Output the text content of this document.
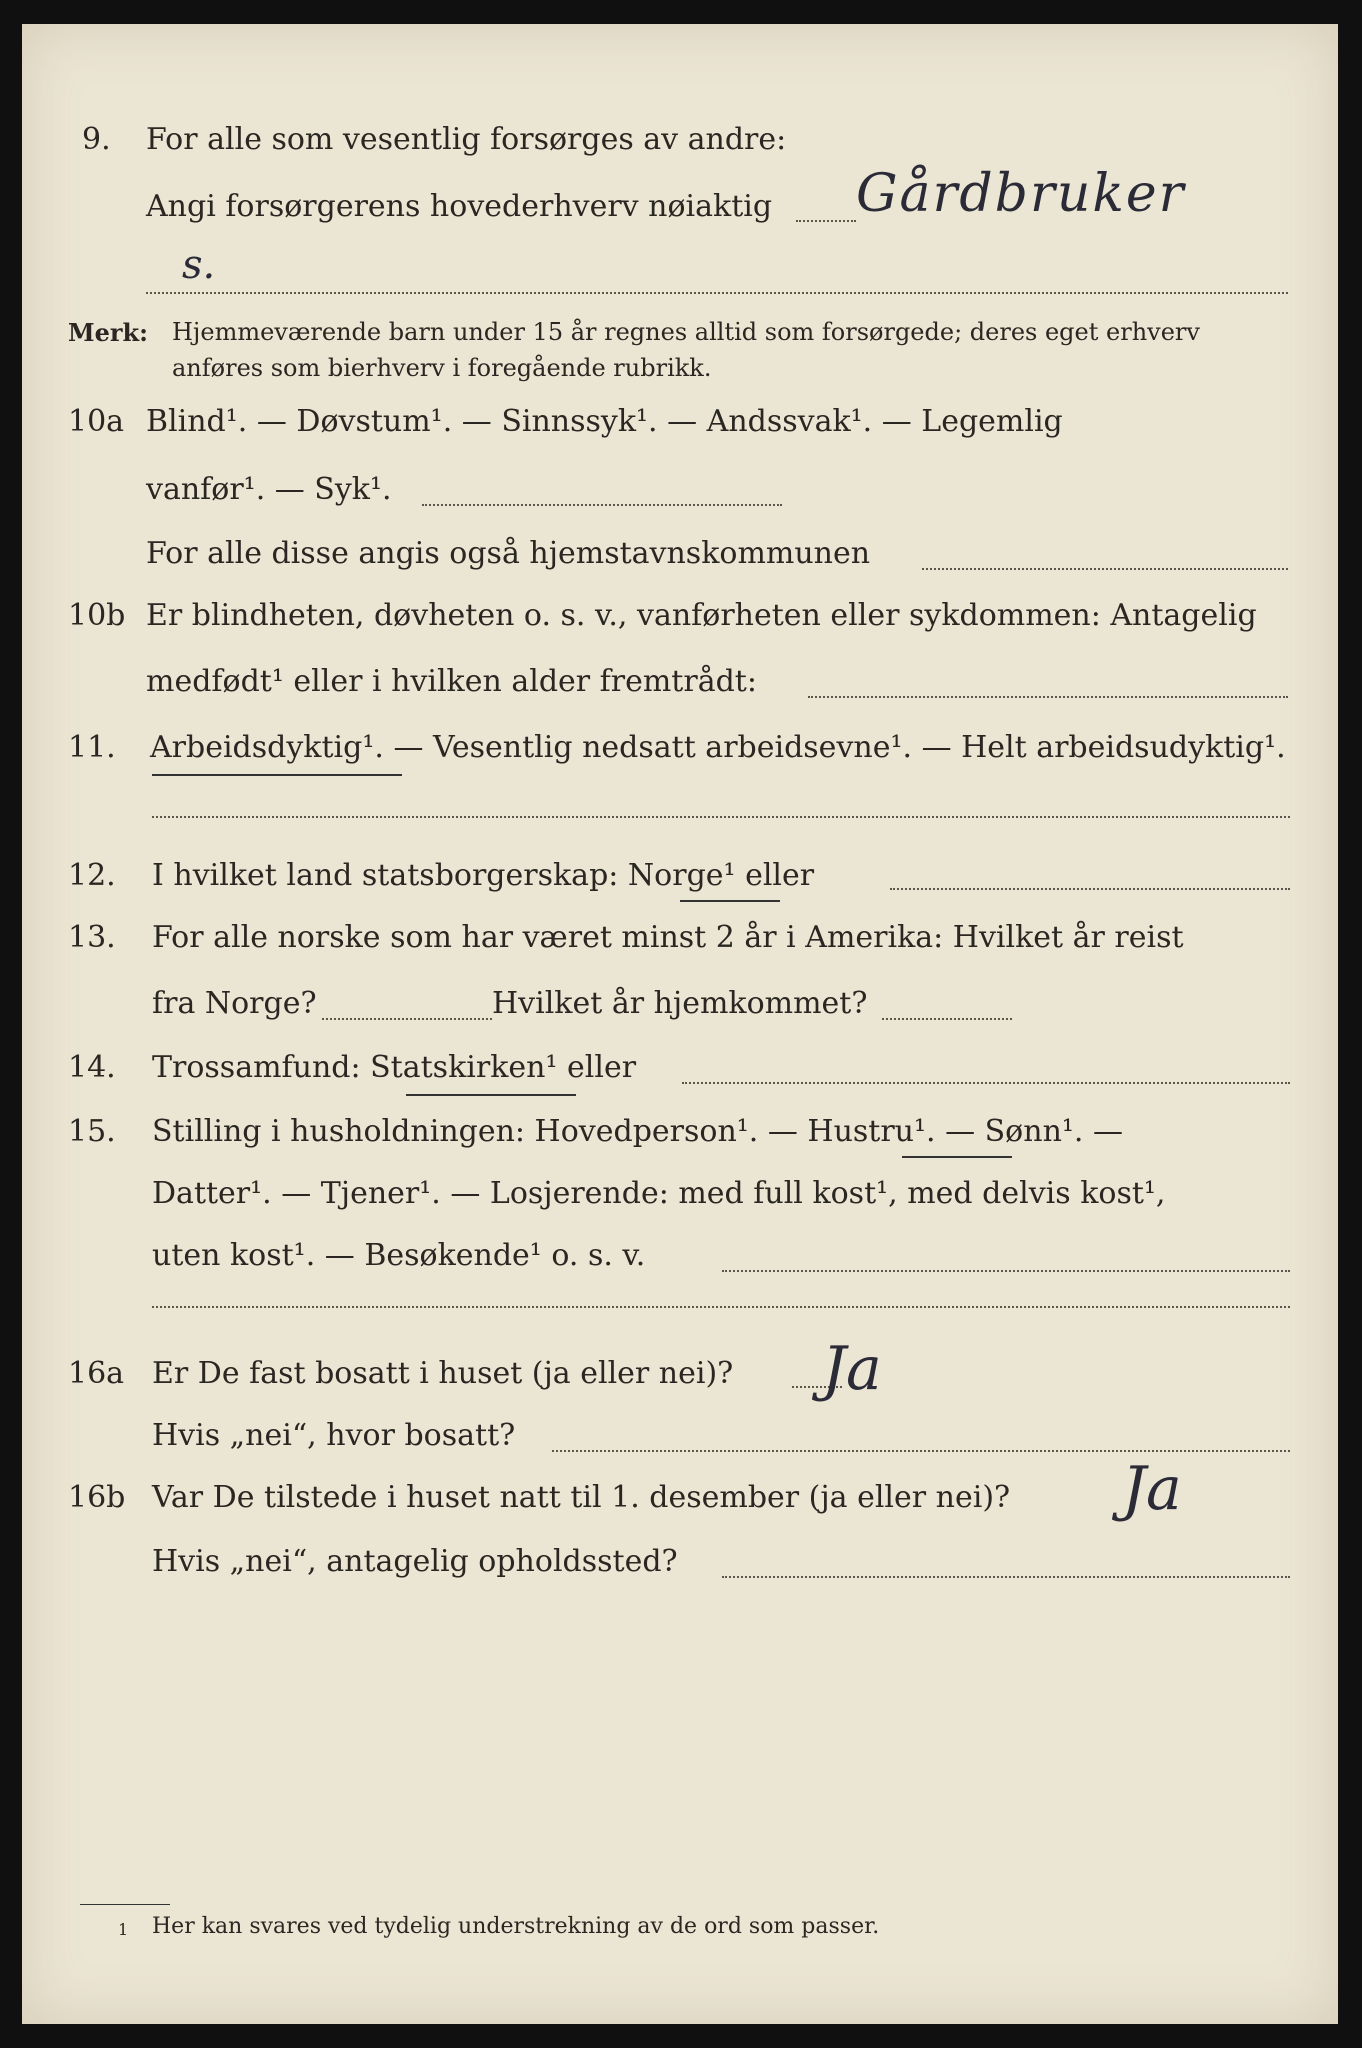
9. For alle som vesentlig forsørges av andre:
Angi forsørgerens hovederhverv nøiaktig Gårdbruker
s.
Merk: Hjemmeværende barn under 15 år regnes alltid som forsørgede; deres eget erhverv
anføres som bierhverv i foregående rubrikk.
10a Blind¹. — Døvstum¹. — Sinnssyk¹. — Andssvak¹. — Legemlig
vanfør¹. — Syk¹.
For alle disse angis også hjemstavnskommunen
10b Er blindheten, døvheten o. s. v., vanførheten eller sykdommen: Antagelig
medfødt¹ eller i hvilken alder fremtrådt:
11. Arbeidsdyktig¹. — Vesentlig nedsatt arbeidsevne¹. — Helt arbeidsudyktig¹.
12. I hvilket land statsborgerskap: Norge¹ eller
13. For alle norske som har været minst 2 år i Amerika: Hvilket år reist
fra Norge?	Hvilket år hjemkommet?
14. Trossamfund: Statskirken¹ eller
15. Stilling i husholdningen: Hovedperson¹. — Hustru¹. — Sønn¹. —
Datter¹. — Tjener¹. — Losjerende: med full kost¹, med delvis kost¹,
uten kost¹. — Besøkende¹ o. s. v.
16a Er De fast bosatt i huset (ja eller nei)? Ja
Hvis „nei“, hvor bosatt?
16b Var De tilstede i huset natt til 1. desember (ja eller nei)? Ja
Hvis „nei“, antagelig opholdssted?
1 Her kan svares ved tydelig understrekning av de ord som passer.
